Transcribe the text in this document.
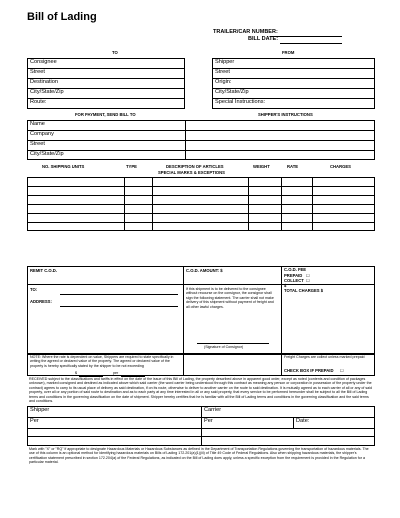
Bill of Lading
TRAILER/CAR NUMBER:
BILL DATE:
TO	FROM
Consignee
Street
Destination
City/State/Zip
Route:
Shipper
Street
Origin:
City/State/Zip
Special Instructions:
FOR PAYMENT, SEND BILL TO	SHIPPER'S INSTRUCTIONS
Name
Company
Street
City/State/Zip
NO. SHIPPING UNITS	TYPE	DESCRIPTION OF ARTICLES
SPECIAL MARKS & EXCEPTIONS
WEIGHT	RATE	CHARGES
REMIT C.O.D.	C.O.D. AMOUNT: $	C.O.D. FEE
PREPAID ☐
COLLECT ☐
$
TO:
ADDRESS:
If this shipment is to be delivered to the consignee without recourse on the consignor, the consignor shall sign the following statement. The carrier shall not make delivery of this shipment without payment of freight and all other lawful charges.
(Signature of Consignor)
TOTAL CHARGES $
NOTE: Where the rate is dependent on value, Shippers are required to state specifically in writing the agreed or declared value of the property. The agreed or declared value of the property is hereby specifically stated by the shipper to be not exceeding
$	per
Freight Charges are collect unless marked prepaid
CHECK BOX IF PREPAID ☐
RECEIVED subject to the classifications and tariffs in effect on the date of the issue of this Bill of Lading, the property described above in apparent good order, except as noted (contents and condition of packages unknown), marked consigned and destined as indicated above which said carrier (the word carrier being understood through this contract as meaning any person or corporation in possession of the property under the contract) agrees to carry to its usual place of delivery as said destination, if on its route, otherwise to deliver to another carrier on the route to said destination. It is mutually agreed as to each carrier of all or any of said property, over all or any portion of said route to destination and as to each party at any time interested in all or any said property, that every service to be performed hereunder shall be subject to all the Bill of Lading terms and conditions in the governing classification on the date of shipment. Shipper hereby certifies that he is familiar with all the Bill of Lading terms and conditions in the governing classification and the said terms and conditions.
Shipper	Carrier
Per	Per	Date:
Mark with "X" or "RQ" if appropriate to designate Hazardous Materials or Hazardous Substances as defined in the Department of Transportation Regulations governing the transportation of hazardous materials. The use of this column is an optional method for identifying hazardous materials on Bills of Lading 172.201(a)(1)(iii) of Title 49 Code of Federal Regulations. Also when shipping hazardous materials, the shipper's certification statement prescribed in section 172.204(a) of the Federal Regulations, as indicated on the Bill of Lading does apply, unless a specific exception from the requirement is provided in the Regulation for a particular material.
